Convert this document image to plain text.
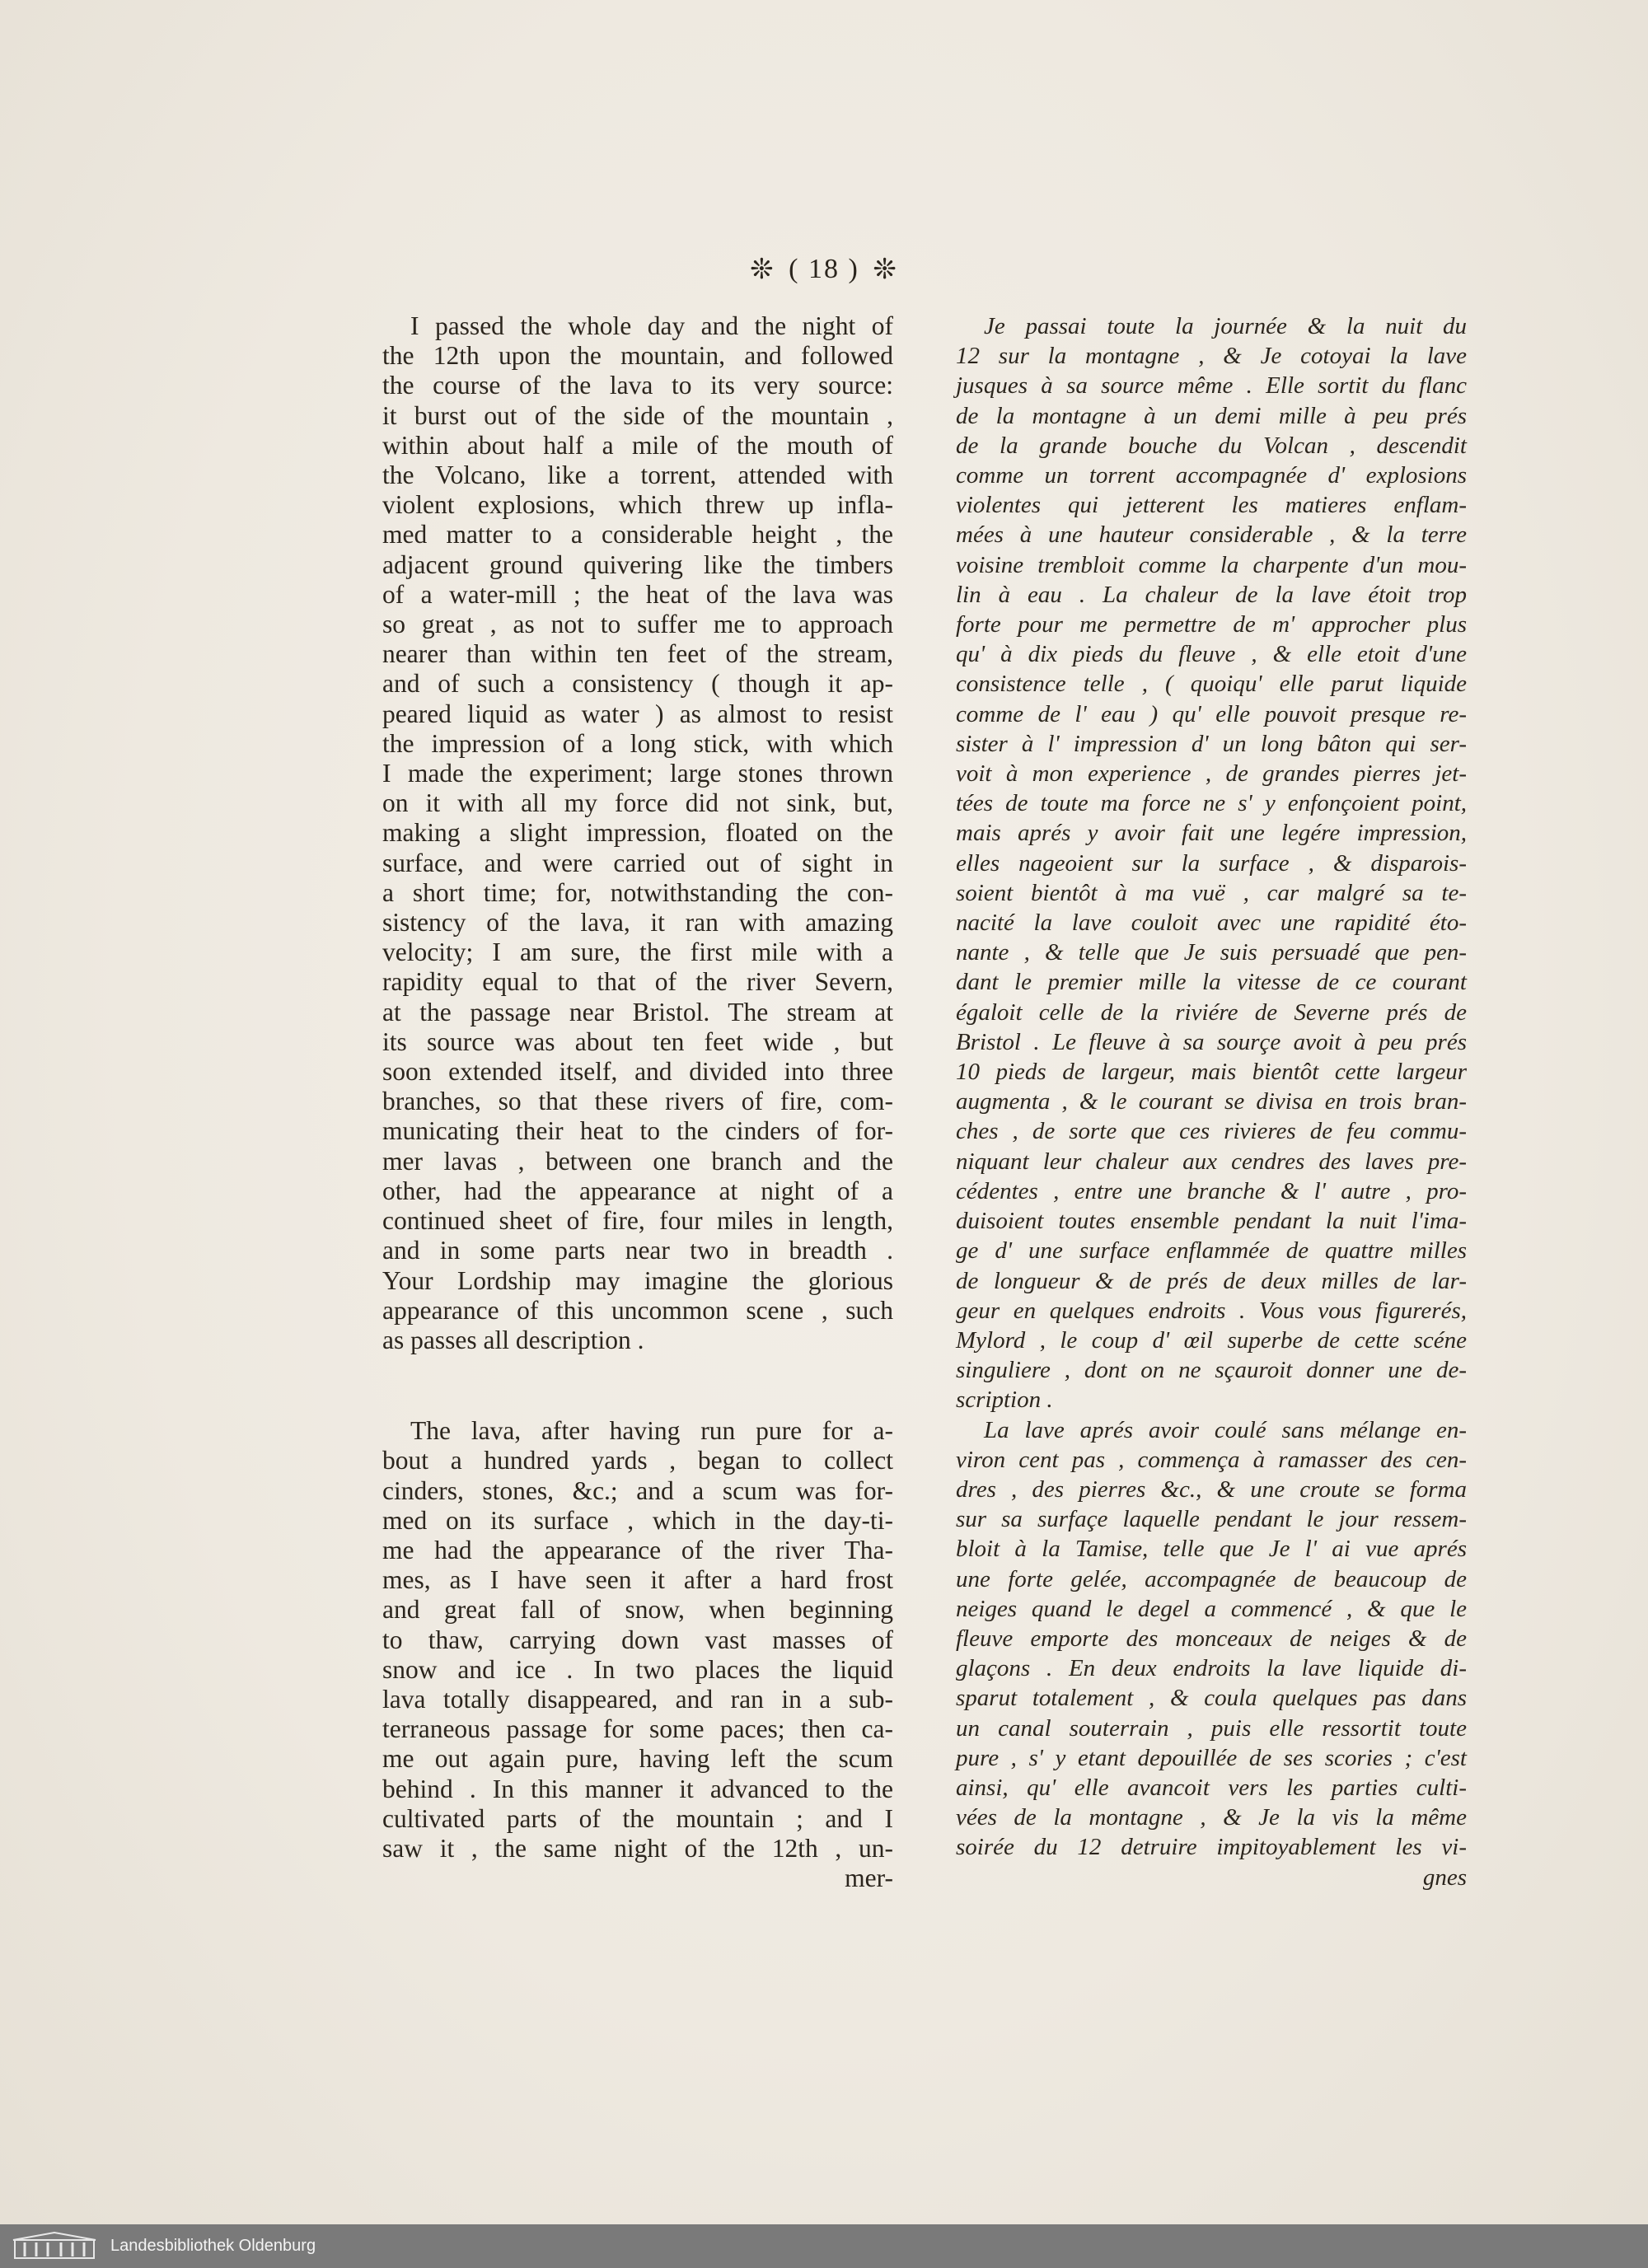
❊ ( 18 ) ❊

I passed the whole day and the night of
the 12th upon the mountain, and followed
the course of the lava to its very source:
it burst out of the side of the mountain ,
within about half a mile of the mouth of
the Volcano, like a torrent, attended with
violent explosions, which threw up infla-
med matter to a considerable height , the
adjacent ground quivering like the timbers
of a water-mill ; the heat of the lava was
so great , as not to suffer me to approach
nearer than within ten feet of the stream,
and of such a consistency ( though it ap-
peared liquid as water ) as almost to resist
the impression of a long stick, with which
I made the experiment; large stones thrown
on it with all my force did not sink, but,
making a slight impression, floated on the
surface, and were carried out of sight in
a short time; for, notwithstanding the con-
sistency of the lava, it ran with amazing
velocity; I am sure, the first mile with a
rapidity equal to that of the river Severn,
at the passage near Bristol. The stream at
its source was about ten feet wide , but
soon extended itself, and divided into three
branches, so that these rivers of fire, com-
municating their heat to the cinders of for-
mer lavas , between one branch and the
other, had the appearance at night of a
continued sheet of fire, four miles in length,
and in some parts near two in breadth .
Your Lordship may imagine the glorious
appearance of this uncommon scene , such
as passes all description .

The lava, after having run pure for a-
bout a hundred yards , began to collect
cinders, stones, &c.; and a scum was for-
med on its surface , which in the day-ti-
me had the appearance of the river Tha-
mes, as I have seen it after a hard frost
and great fall of snow, when beginning
to thaw, carrying down vast masses of
snow and ice . In two places the liquid
lava totally disappeared, and ran in a sub-
terraneous passage for some paces; then ca-
me out again pure, having left the scum
behind . In this manner it advanced to the
cultivated parts of the mountain ; and I
saw it , the same night of the 12th , un-
mer-

Je passai toute la journée & la nuit du
12 sur la montagne , & Je cotoyai la lave
jusques à sa source même . Elle sortit du flanc
de la montagne à un demi mille à peu prés
de la grande bouche du Volcan , descendit
comme un torrent accompagnée d' explosions
violentes qui jetterent les matieres enflam-
mées à une hauteur considerable , & la terre
voisine trembloit comme la charpente d'un mou-
lin à eau . La chaleur de la lave étoit trop
forte pour me permettre de m' approcher plus
qu' à dix pieds du fleuve , & elle etoit d'une
consistence telle , ( quoiqu' elle parut liquide
comme de l' eau ) qu' elle pouvoit presque re-
sister à l' impression d' un long bâton qui ser-
voit à mon experience , de grandes pierres jet-
tées de toute ma force ne s' y enfonçoient point,
mais aprés y avoir fait une legére impression,
elles nageoient sur la surface , & disparois-
soient bientôt à ma vuë , car malgré sa te-
nacité la lave couloit avec une rapidité éto-
nante , & telle que Je suis persuadé que pen-
dant le premier mille la vitesse de ce courant
égaloit celle de la riviére de Severne prés de
Bristol . Le fleuve à sa sourçe avoit à peu prés
10 pieds de largeur, mais bientôt cette largeur
augmenta , & le courant se divisa en trois bran-
ches , de sorte que ces rivieres de feu commu-
niquant leur chaleur aux cendres des laves pre-
cédentes , entre une branche & l' autre , pro-
duisoient toutes ensemble pendant la nuit l'ima-
ge d' une surface enflammée de quattre milles
de longueur & de prés de deux milles de lar-
geur en quelques endroits . Vous vous figurerés,
Mylord , le coup d' œil superbe de cette scéne
singuliere , dont on ne sçauroit donner une de-
scription .

La lave aprés avoir coulé sans mélange en-
viron cent pas , commença à ramasser des cen-
dres , des pierres &c., & une croute se forma
sur sa surfaçe laquelle pendant le jour ressem-
bloit à la Tamise, telle que Je l' ai vue aprés
une forte gelée, accompagnée de beaucoup de
neiges quand le degel a commencé , & que le
fleuve emporte des monceaux de neiges & de
glaçons . En deux endroits la lave liquide di-
sparut totalement , & coula quelques pas dans
un canal souterrain , puis elle ressortit toute
pure , s' y etant depouillée de ses scories ; c'est
ainsi, qu' elle avancoit vers les parties culti-
vées de la montagne , & Je la vis la même
soirée du 12 detruire impitoyablement les vi-
gnes

Landesbibliothek Oldenburg
